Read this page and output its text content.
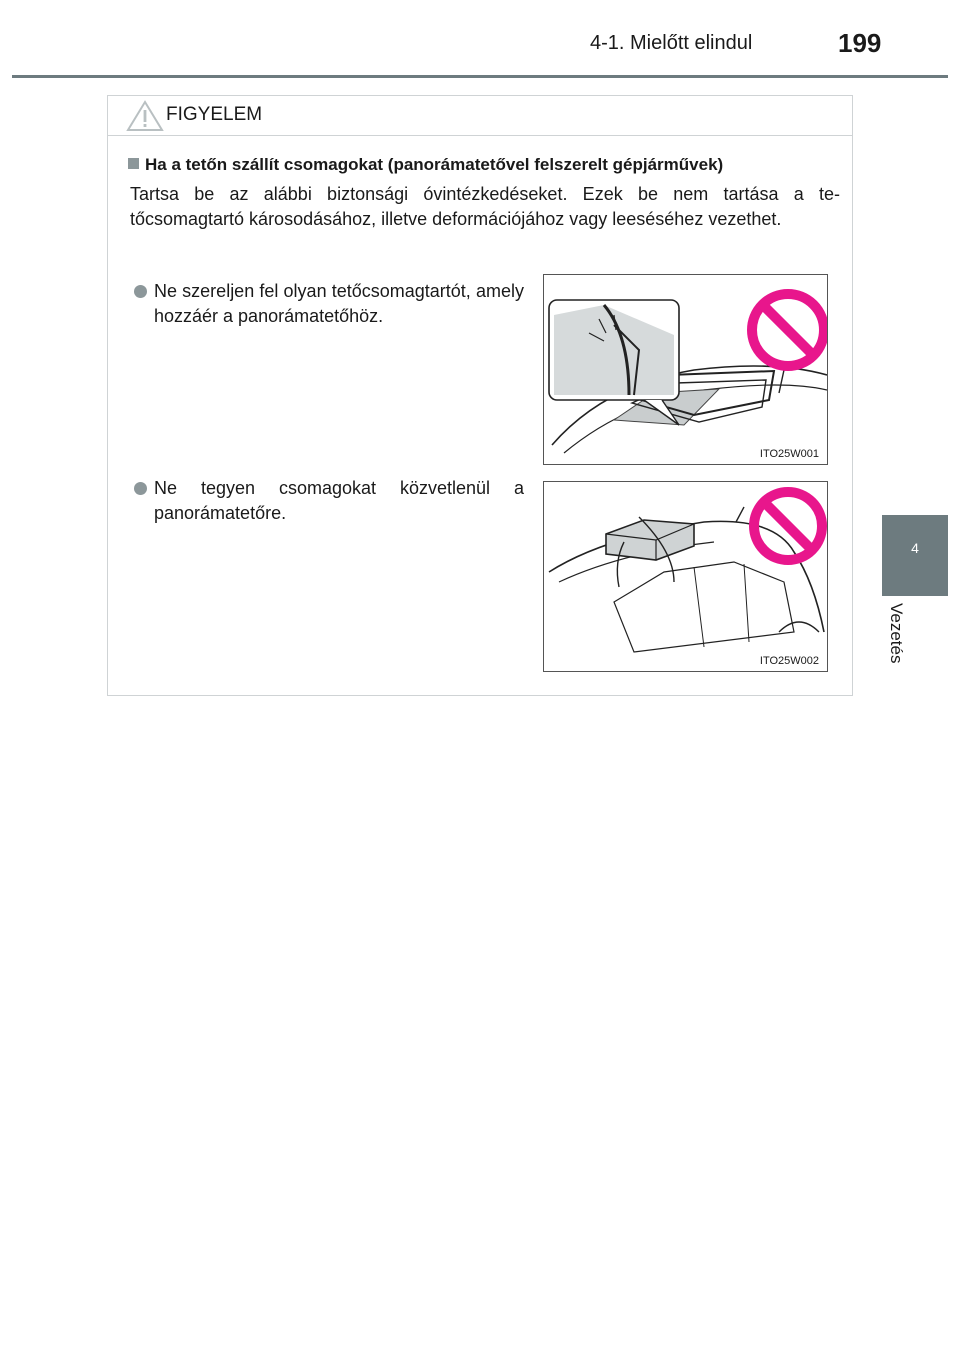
4-1. Mielőtt elindul	199
4
Vezetés
FIGYELEM
Ha a tetőn szállít csomagokat (panorámatetővel felszerelt gépjárművek)
Tartsa be az alábbi biztonsági óvintézkedéseket. Ezek be nem tartása a te-tőcsomagtartó károsodásához, illetve deformációjához vagy leeséséhez vezethet.
Ne szereljen fel olyan tetőcsomagtartót, amely hozzáér a panorámatetőhöz.
ITO25W001
Ne tegyen csomagokat közvetlenül a panorámatetőre.
ITO25W002
